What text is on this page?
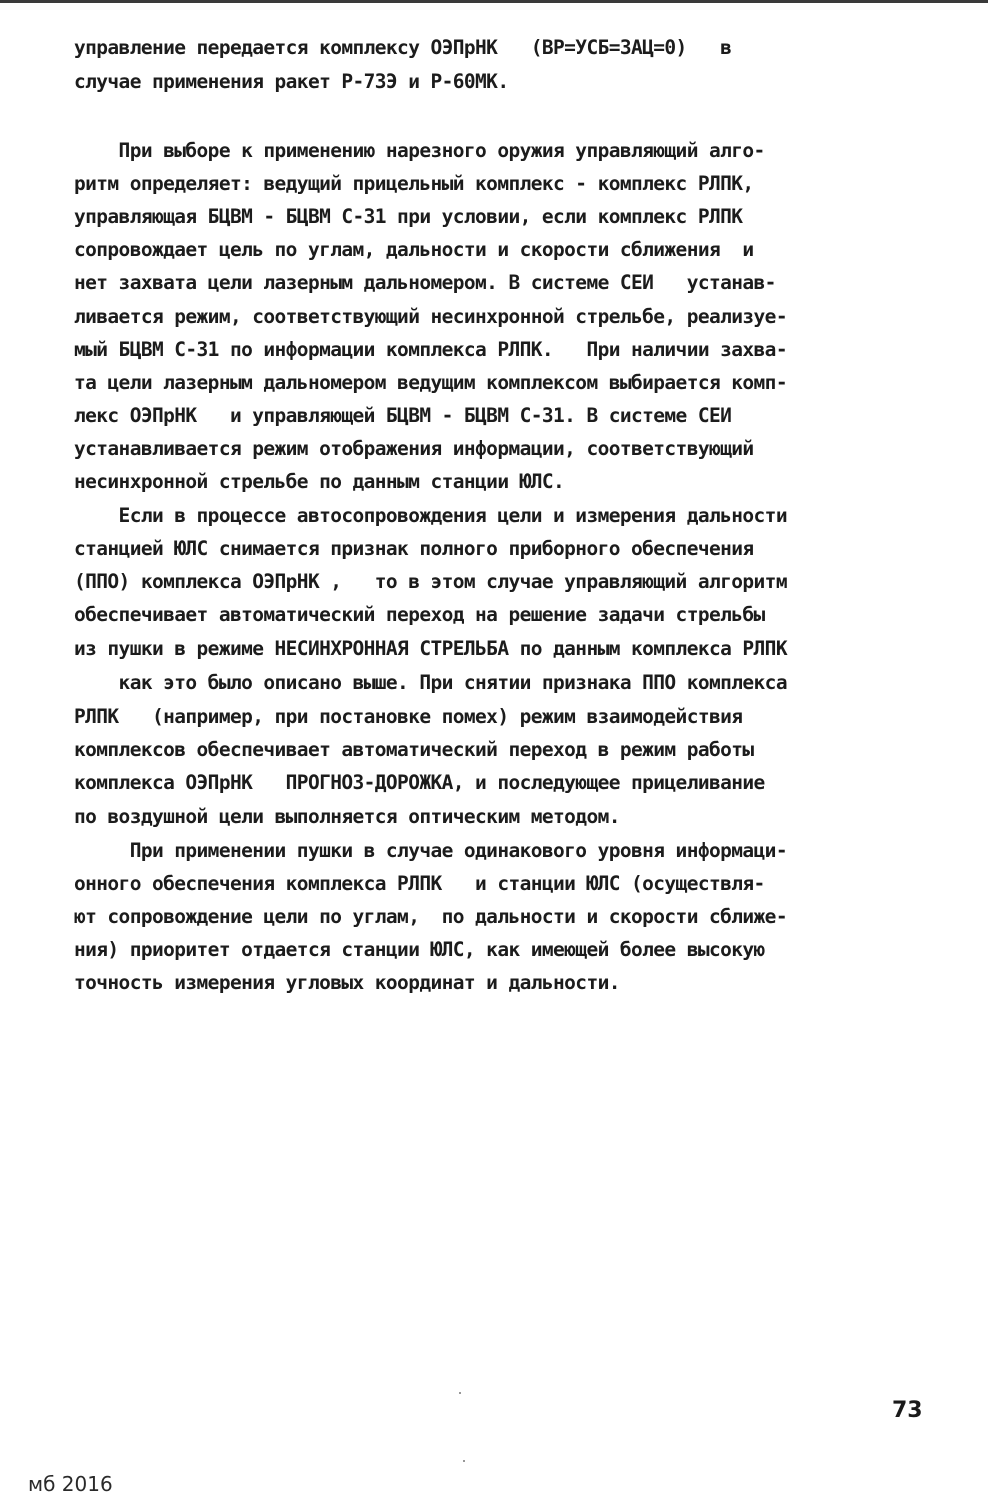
управление передается комплексу ОЭПрНК   (ВР=УСБ=ЗАЦ=0)   в
случае применения ракет Р-73Э и Р-60МК.
При выборе к применению нарезного оружия управляющий алго-
ритм определяет: ведущий прицельный комплекс - комплекс РЛПК,
управляющая БЦВМ - БЦВМ С-31 при условии, если комплекс РЛПК
сопровождает цель по углам, дальности и скорости сближения  и
нет захвата цели лазерным дальномером. В системе СЕИ   устанав-
ливается режим, соответствующий несинхронной стрельбе, реализуе-
мый БЦВМ С-31 по информации комплекса РЛПК.   При наличии захва-
та цели лазерным дальномером ведущим комплексом выбирается комп-
лекс ОЭПрНК   и управляющей БЦВМ - БЦВМ С-31. В системе СЕИ
устанавливается режим отображения информации, соответствующий
несинхронной стрельбе по данным станции ЮЛС.
Если в процессе автосопровождения цели и измерения дальности
станцией ЮЛС снимается признак полного приборного обеспечения
(ППО) комплекса ОЭПрНК ,   то в этом случае управляющий алгоритм
обеспечивает автоматический переход на решение задачи стрельбы
из пушки в режиме НЕСИНХРОННАЯ СТРЕЛЬБА по данным комплекса РЛПК
как это было описано выше. При снятии признака ППО комплекса
РЛПК   (например, при постановке помех) режим взаимодействия
комплексов обеспечивает автоматический переход в режим работы
комплекса ОЭПрНК   ПРОГНОЗ-ДОРОЖКА, и последующее прицеливание
по воздушной цели выполняется оптическим методом.
При применении пушки в случае одинакового уровня информаци-
онного обеспечения комплекса РЛПК   и станции ЮЛС (осуществля-
ют сопровождение цели по углам,  по дальности и скорости сближе-
ния) приоритет отдается станции ЮЛС, как имеющей более высокую
точность измерения угловых координат и дальности.
73
мб 2016
